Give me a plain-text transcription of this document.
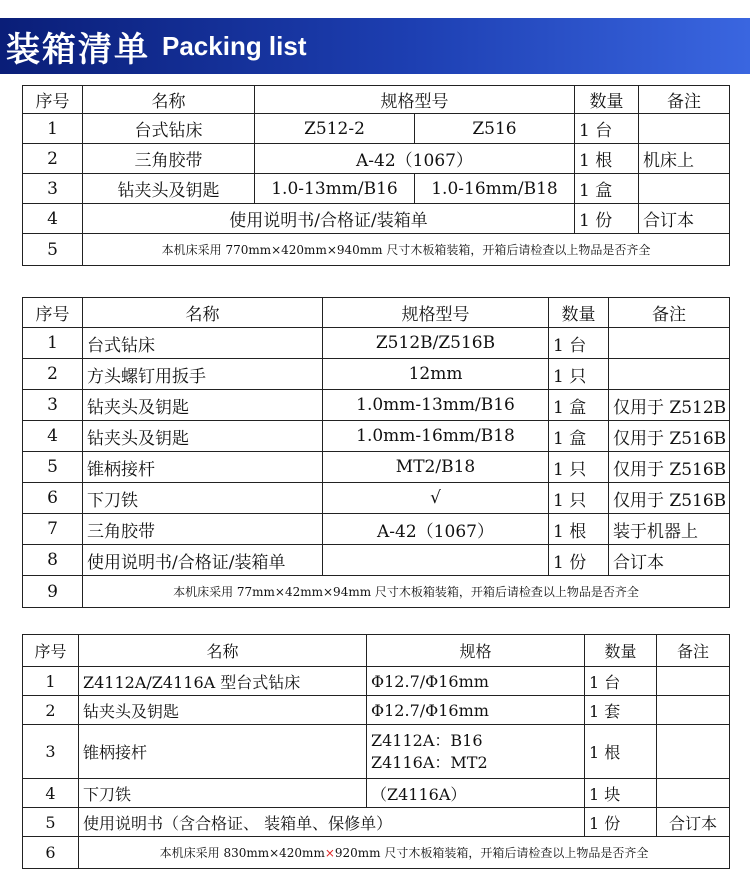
装箱清单 Packing list
序号	名称	规格型号		数量	备注
1	台式钻床	Z512-2	Z516	1 台	
2	三角胶带	A-42（1067）		1 根	机床上
3	钻夹头及钥匙	1.0-13mm/B16	1.0-16mm/B18	1 盒	
4	使用说明书/合格证/装箱单			1 份	合订本
5	本机床采用 770mm×420mm×940mm 尺寸木板箱装箱，开箱后请检查以上物品是否齐全				
序号	名称	规格型号	数量	备注
1	台式钻床	Z512B/Z516B	1 台	
2	方头螺钉用扳手	12mm	1 只	
3	钻夹头及钥匙	1.0mm-13mm/B16	1 盒	仅用于 Z512B
4	钻夹头及钥匙	1.0mm-16mm/B18	1 盒	仅用于 Z516B
5	锥柄接杆	MT2/B18	1 只	仅用于 Z516B
6	下刀铁	√	1 只	仅用于 Z516B
7	三角胶带	A-42（1067）	1 根	装于机器上
8	使用说明书/合格证/装箱单		1 份	合订本
9	本机床采用 77mm×42mm×94mm 尺寸木板箱装箱，开箱后请检查以上物品是否齐全			
序号	名称	规格	数量	备注
1	Z4112A/Z4116A 型台式钻床	Φ12.7/Φ16mm	1 台	
2	钻夹头及钥匙	Φ12.7/Φ16mm	1 套	
3	锥柄接杆	Z4112A：B16
Z4116A：MT2	1 根	
4	下刀铁	（Z4116A）	1 块	
5	使用说明书（含合格证、 装箱单、保修单）		1 份	合订本
6	本机床采用 830mm×420mm×920mm 尺寸木板箱装箱，开箱后请检查以上物品是否齐全			
